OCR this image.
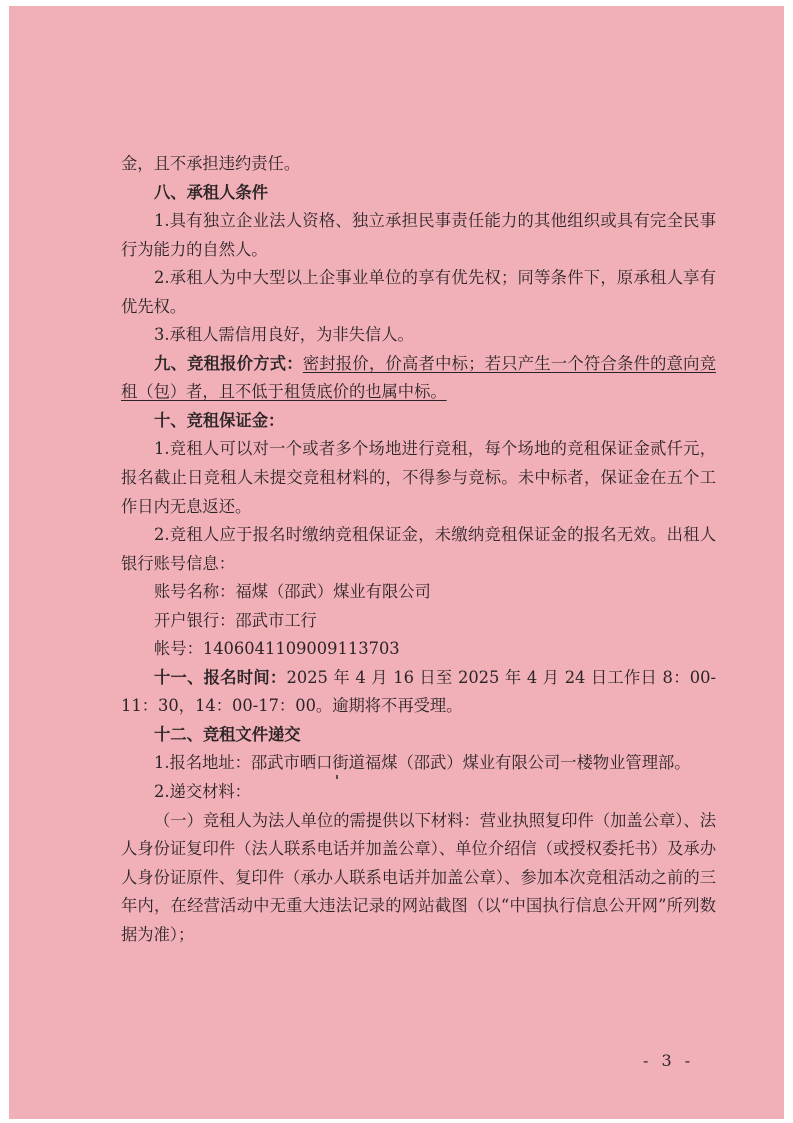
金，且不承担违约责任。

八、承租人条件

1.具有独立企业法人资格、独立承担民事责任能力的其他组织或具有完全民事行为能力的自然人。

2.承租人为中大型以上企事业单位的享有优先权；同等条件下，原承租人享有优先权。

3.承租人需信用良好，为非失信人。

九、竞租报价方式：密封报价，价高者中标；若只产生一个符合条件的意向竞租（包）者，且不低于租赁底价的也属中标。

十、竞租保证金：

1.竞租人可以对一个或者多个场地进行竞租，每个场地的竞租保证金贰仟元，报名截止日竞租人未提交竞租材料的，不得参与竞标。未中标者，保证金在五个工作日内无息返还。

2.竞租人应于报名时缴纳竞租保证金，未缴纳竞租保证金的报名无效。出租人银行账号信息：

账号名称：福煤（邵武）煤业有限公司

开户银行：邵武市工行

帐号：1406041109009113703

十一、报名时间：2025 年 4 月 16 日至 2025 年 4 月 24 日工作日 8：00-11：30，14：00-17：00。逾期将不再受理。

十二、竞租文件递交

1.报名地址：邵武市晒口街道福煤（邵武）煤业有限公司一楼物业管理部。

2.递交材料：

（一）竞租人为法人单位的需提供以下材料：营业执照复印件（加盖公章）、法人身份证复印件（法人联系电话并加盖公章）、单位介绍信（或授权委托书）及承办人身份证原件、复印件（承办人联系电话并加盖公章）、参加本次竞租活动之前的三年内，在经营活动中无重大违法记录的网站截图（以“中国执行信息公开网”所列数据为准）；

- 3 -
